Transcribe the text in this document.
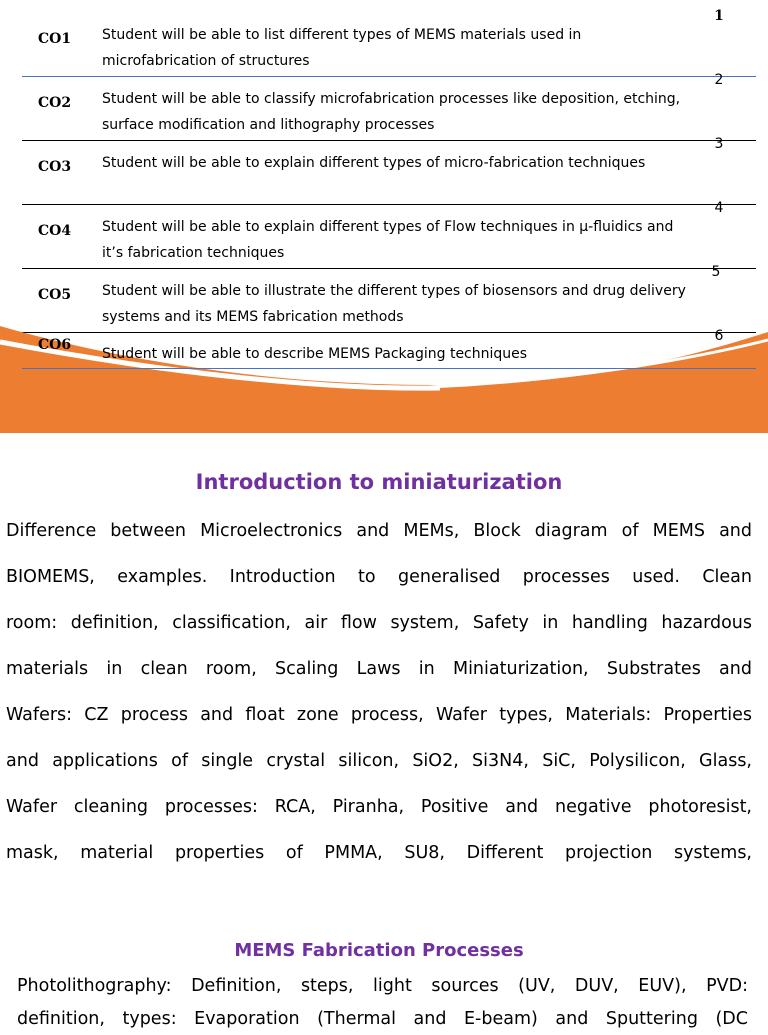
CO1 Student will be able to list different types of MEMS materials used in microfabrication of structures
1
CO2 Student will be able to classify microfabrication processes like deposition, etching, surface modification and lithography processes
2
CO3 Student will be able to explain different types of micro-fabrication techniques
3
CO4 Student will be able to explain different types of Flow techniques in µ-fluidics and it’s fabrication techniques
4
CO5 Student will be able to illustrate the different types of biosensors and drug delivery systems and its MEMS fabrication methods
5
CO6
Student will be able to describe MEMS Packaging techniques
6
Introduction to miniaturization
Difference between Microelectronics and MEMs, Block diagram of MEMS and
BIOMEMS, examples. Introduction to generalised processes used. Clean
room: definition, classification, air flow system, Safety in handling hazardous
materials in clean room, Scaling Laws in Miniaturization, Substrates and
Wafers: CZ process and float zone process, Wafer types, Materials: Properties
and applications of single crystal silicon, SiO2, Si3N4, SiC, Polysilicon, Glass,
Wafer cleaning processes: RCA, Piranha, Positive and negative photoresist,
mask, material properties of PMMA, SU8, Different projection systems,
MEMS Fabrication Processes
Photolithography: Definition, steps, light sources (UV, DUV, EUV), PVD:
definition, types: Evaporation (Thermal and E-beam) and Sputtering (DC
